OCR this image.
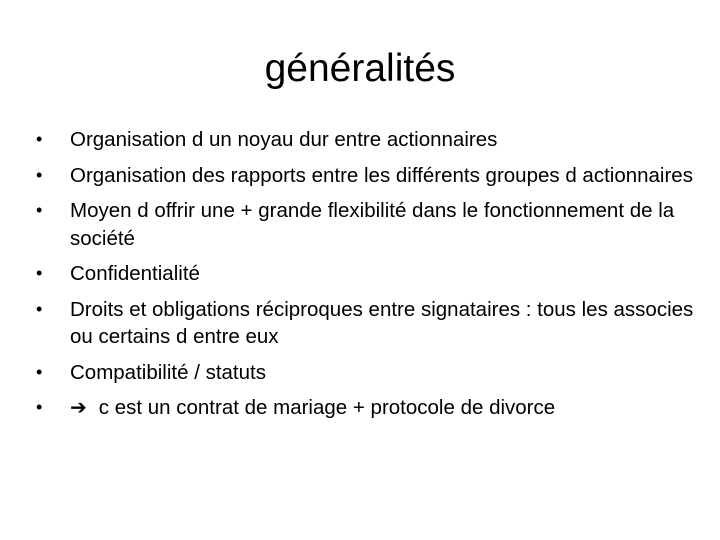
généralités
•	Organisation d un noyau dur entre actionnaires
•	Organisation des rapports entre les différents groupes d actionnaires
•	Moyen d offrir une + grande flexibilité dans le fonctionnement de la société
•	Confidentialité
•	Droits et obligations réciproques entre signataires : tous les associes ou certains d entre eux
•	Compatibilité / statuts
•	➔ c est un contrat de mariage + protocole de divorce
